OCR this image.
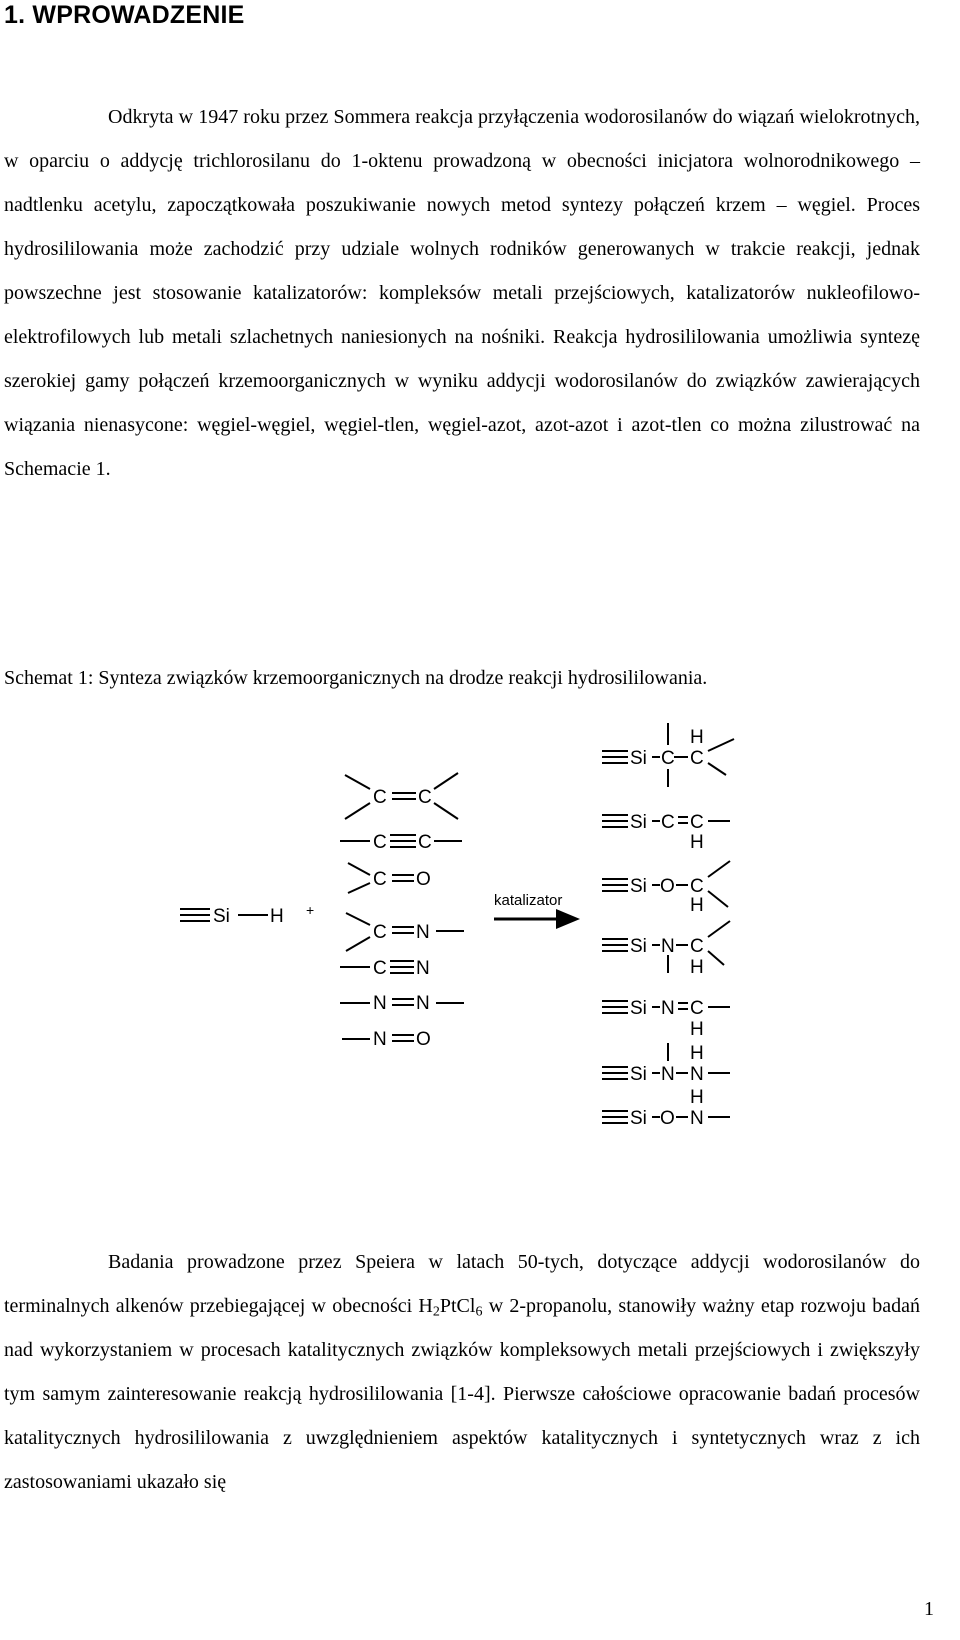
1. WPROWADZENIE

Odkryta w 1947 roku przez Sommera reakcja przyłączenia wodorosilanów do wiązań wielokrotnych, w oparciu o addycję trichlorosilanu do 1-oktenu prowadzoną w obecności inicjatora wolnorodnikowego – nadtlenku acetylu, zapoczątkowała poszukiwanie nowych metod syntezy połączeń krzem – węgiel. Proces hydrosililowania może zachodzić przy udziale wolnych rodników generowanych w trakcie reakcji, jednak powszechne jest stosowanie katalizatorów: kompleksów metali przejściowych, katalizatorów nukleofilowo-elektrofilowych lub metali szlachetnych naniesionych na nośniki. Reakcja hydrosililowania umożliwia syntezę szerokiej gamy połączeń krzemoorganicznych w wyniku addycji wodorosilanów do związków zawierających wiązania nienasycone: węgiel-węgiel, węgiel-tlen, węgiel-azot, azot-azot i azot-tlen co można zilustrować na Schemacie 1.

Schemat 1: Synteza związków krzemoorganicznych na drodze reakcji hydrosililowania.
Si H +
C C
C C
C O
C N
C N
N N
N O
katalizator
Si C C
H
Si C C
H
Si O C
H
Si N C
H
Si N C
H
Si N N
H
Si O N
H

Badania prowadzone przez Speiera w latach 50-tych, dotyczące addycji wodorosilanów do terminalnych alkenów przebiegającej w obecności $H_2PtCl_6$ w 2-propanolu, stanowiły ważny etap rozwoju badań nad wykorzystaniem w procesach katalitycznych związków kompleksowych metali przejściowych i zwiększyły tym samym zainteresowanie reakcją hydrosililowania [1-4]. Pierwsze całościowe opracowanie badań procesów katalitycznych hydrosililowania z uwzględnieniem aspektów katalitycznych i syntetycznych wraz z ich zastosowaniami ukazało się

1
